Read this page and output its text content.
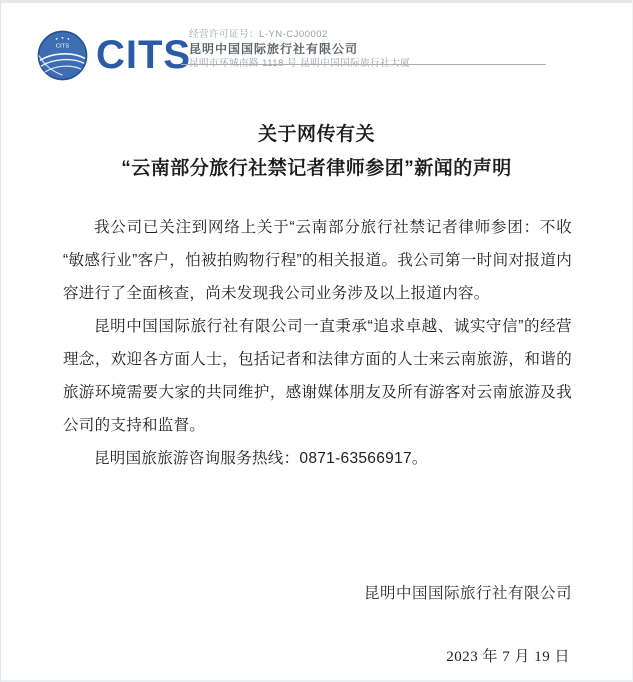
CITS CITS
经营许可证号：L-YN-CJ00002
昆明中国国际旅行社有限公司
昆明市环城南路 1118 号 昆明中国国际旅行社大厦
关于网传有关
“云南部分旅行社禁记者律师参团”新闻的声明

我公司已关注到网络上关于“云南部分旅行社禁记者律师参团：不收“敏感行业”客户，怕被拍购物行程”的相关报道。我公司第一时间对报道内容进行了全面核查，尚未发现我公司业务涉及以上报道内容。

昆明中国国际旅行社有限公司一直秉承“追求卓越、诚实守信”的经营理念，欢迎各方面人士，包括记者和法律方面的人士来云南旅游，和谐的旅游环境需要大家的共同维护，感谢媒体朋友及所有游客对云南旅游及我公司的支持和监督。

昆明国旅旅游咨询服务热线：0871-63566917。

昆明中国国际旅行社有限公司
2023 年 7 月 19 日
